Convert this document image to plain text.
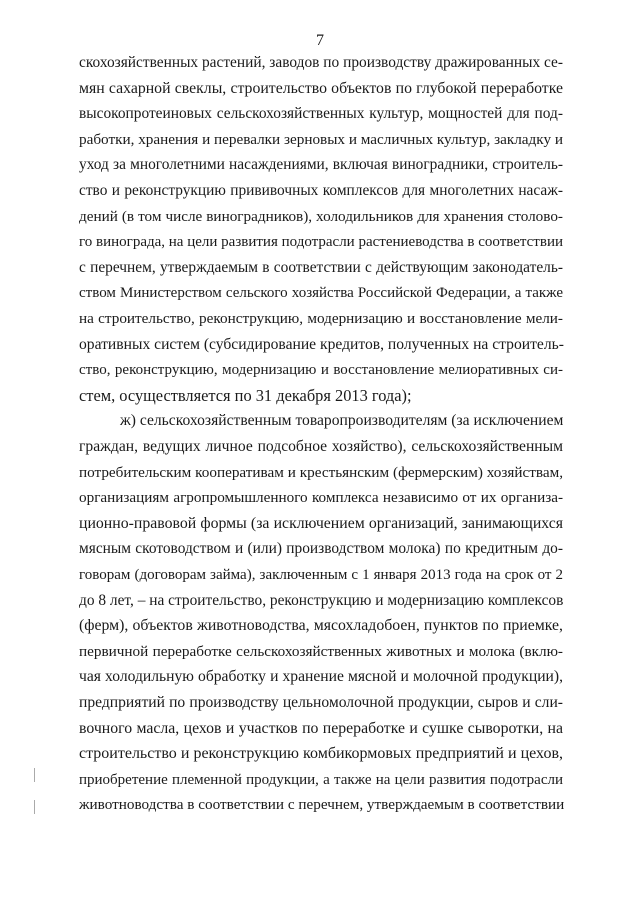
7
скохозяйственных растений, заводов по производству дражированных се-
мян сахарной свеклы, строительство объектов по глубокой переработке
высокопротеиновых сельскохозяйственных культур, мощностей для под-
работки, хранения и перевалки зерновых и масличных культур, закладку и
уход за многолетними насаждениями, включая виноградники, строитель-
ство и реконструкцию прививочных комплексов для многолетних насаж-
дений (в том числе виноградников), холодильников для хранения столово-
го винограда, на цели развития подотрасли растениеводства в соответствии
с перечнем, утверждаемым в соответствии с действующим законодатель-
ством Министерством сельского хозяйства Российской Федерации, а также
на строительство, реконструкцию, модернизацию и восстановление мели-
оративных систем (субсидирование кредитов, полученных на строитель-
ство, реконструкцию, модернизацию и восстановление мелиоративных си-
стем, осуществляется по 31 декабря 2013 года);
ж) сельскохозяйственным товаропроизводителям (за исключением
граждан, ведущих личное подсобное хозяйство), сельскохозяйственным
потребительским кооперативам и крестьянским (фермерским) хозяйствам,
организациям агропромышленного комплекса независимо от их организа-
ционно-правовой формы (за исключением организаций, занимающихся
мясным скотоводством и (или) производством молока) по кредитным до-
говорам (договорам займа), заключенным с 1 января 2013 года на срок от 2
до 8 лет, – на строительство, реконструкцию и модернизацию комплексов
(ферм), объектов животноводства, мясохладобоен, пунктов по приемке,
первичной переработке сельскохозяйственных животных и молока (вклю-
чая холодильную обработку и хранение мясной и молочной продукции),
предприятий по производству цельномолочной продукции, сыров и сли-
вочного масла, цехов и участков по переработке и сушке сыворотки, на
строительство и реконструкцию комбикормовых предприятий и цехов,
приобретение племенной продукции, а также на цели развития подотрасли
животноводства в соответствии с перечнем, утверждаемым в соответствии
